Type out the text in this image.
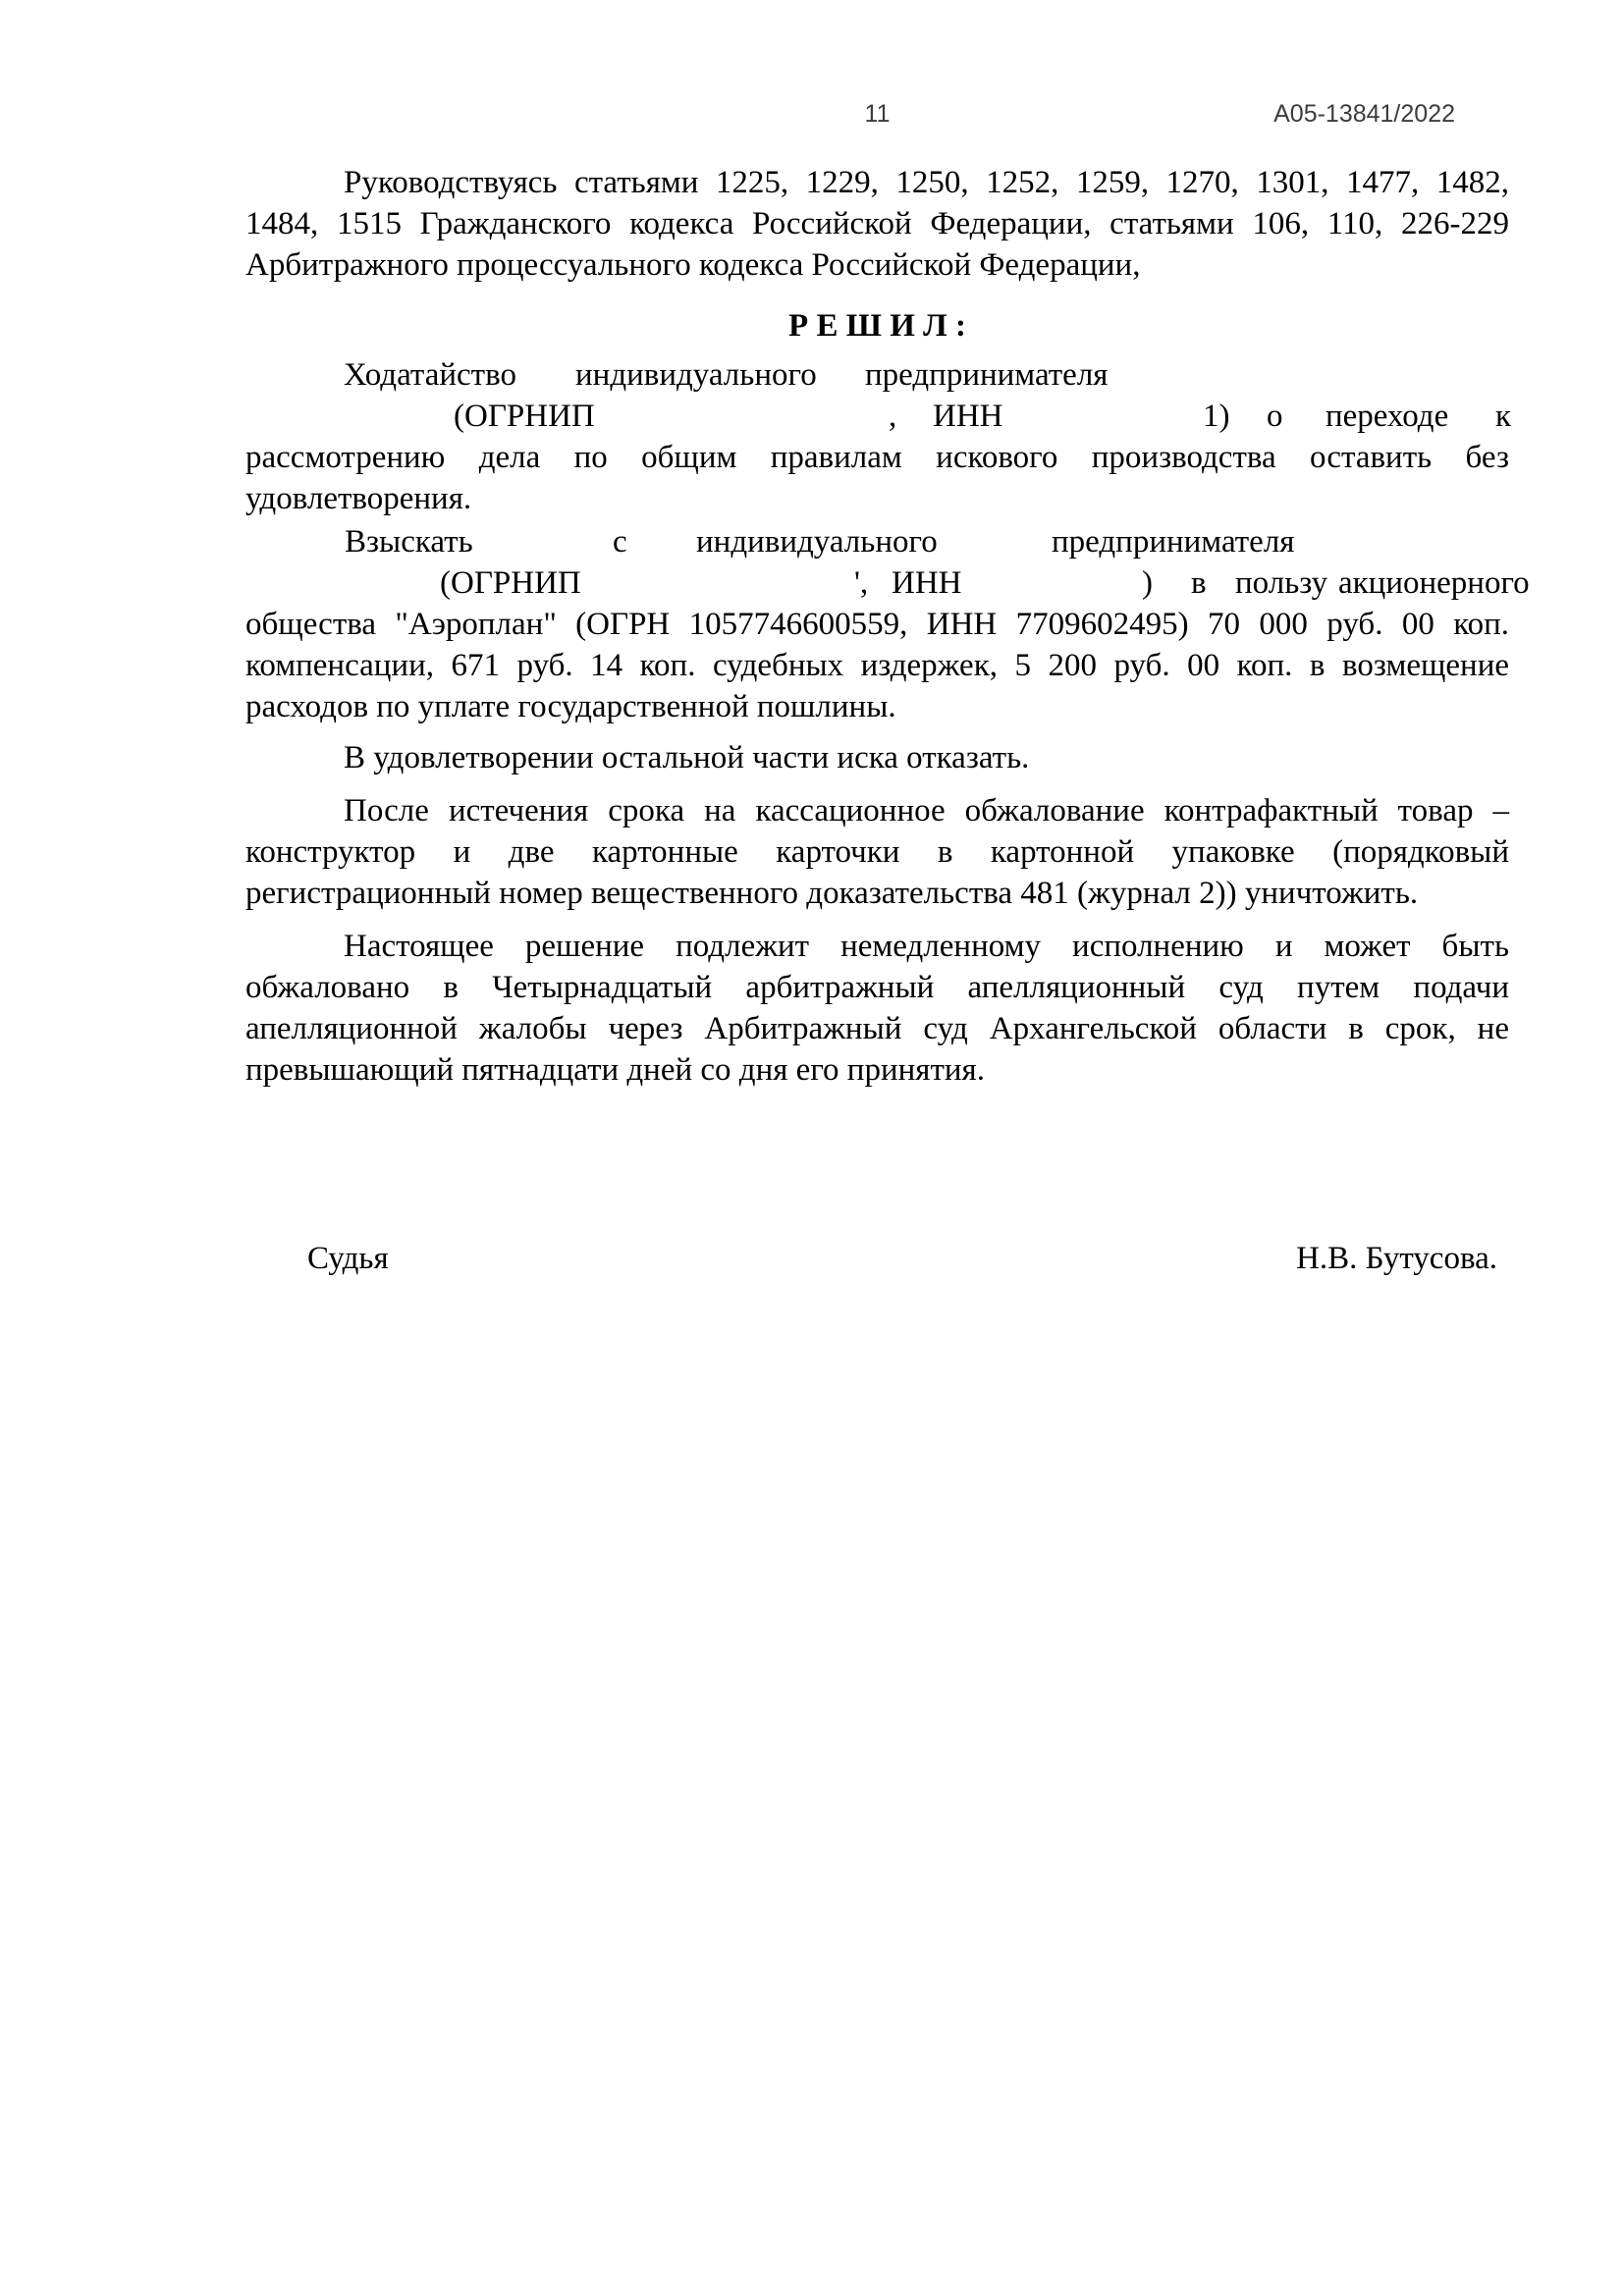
11	А05-13841/2022
Руководствуясь статьями 1225, 1229, 1250, 1252, 1259, 1270, 1301, 1477, 1482,
1484, 1515 Гражданского кодекса Российской Федерации, статьями 106, 110, 226-229
Арбитражного процессуального кодекса Российской Федерации,
Р Е Ш И Л :
Ходатайство индивидуального предпринимателя
(ОГРНИП	, ИНН	1) о переходе к
рассмотрению дела по общим правилам искового производства оставить без
удовлетворения.
Взыскать	с индивидуального	предпринимателя
(ОГРНИП	', ИНН	) в пользу акционерного
общества "Аэроплан" (ОГРН 1057746600559, ИНН 7709602495) 70 000 руб. 00 коп.
компенсации, 671 руб. 14 коп. судебных издержек, 5 200 руб. 00 коп. в возмещение
расходов по уплате государственной пошлины.
В удовлетворении остальной части иска отказать.
После истечения срока на кассационное обжалование контрафактный товар –
конструктор и две картонные карточки в картонной упаковке (порядковый
регистрационный номер вещественного доказательства 481 (журнал 2)) уничтожить.
Настоящее решение подлежит немедленному исполнению и может быть
обжаловано в Четырнадцатый арбитражный апелляционный суд путем подачи
апелляционной жалобы через Арбитражный суд Архангельской области в срок, не
превышающий пятнадцати дней со дня его принятия.
Судья	Н.В. Бутусова.
